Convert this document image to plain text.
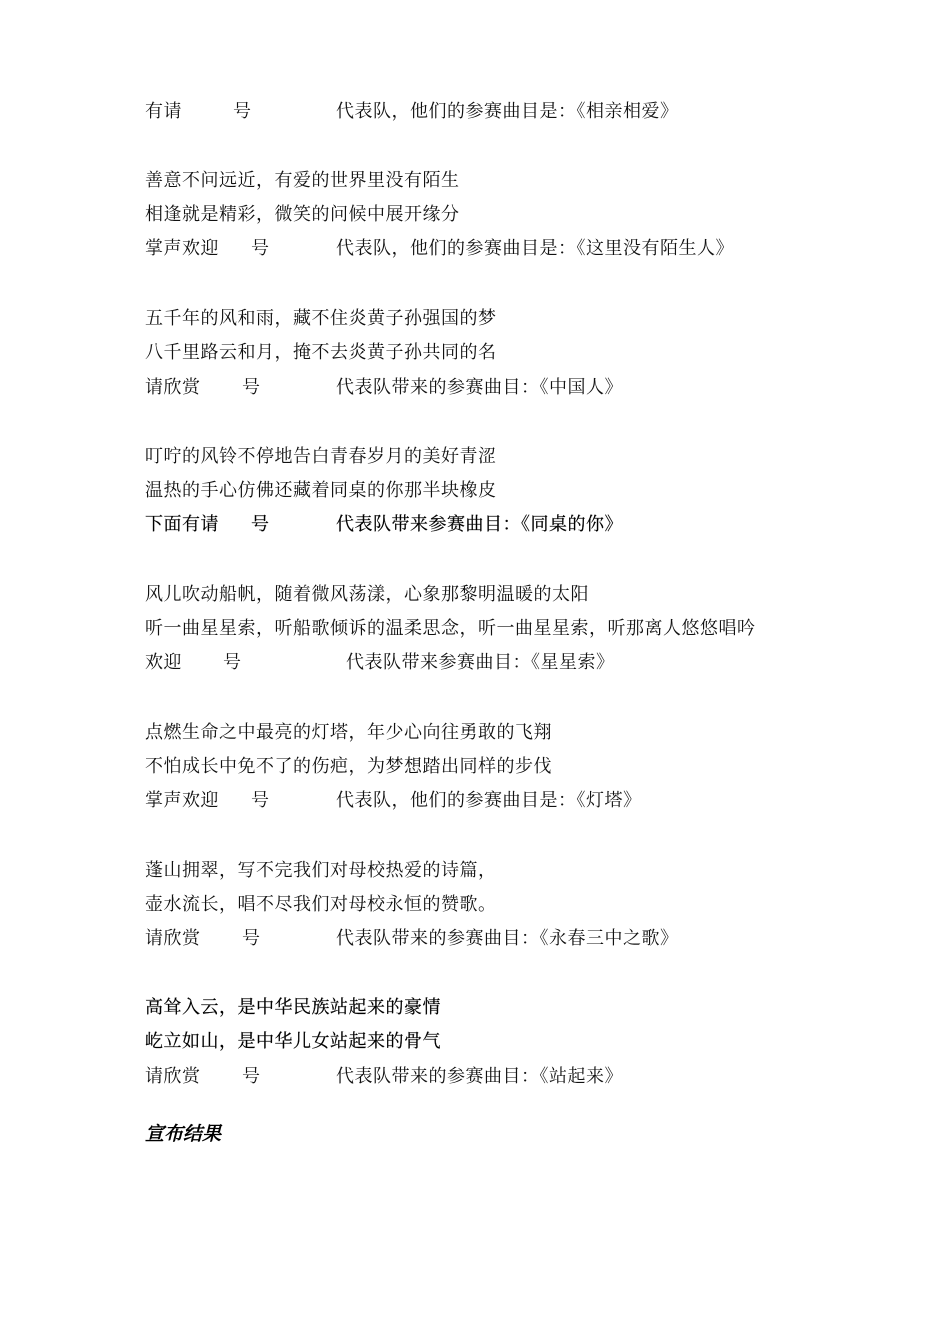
有请	号	代表队，他们的参赛曲目是：《相亲相爱》
善意不问远近，有爱的世界里没有陌生
相逢就是精彩，微笑的问候中展开缘分
掌声欢迎 号	代表队，他们的参赛曲目是：《这里没有陌生人》
五千年的风和雨，藏不住炎黄子孙强国的梦
八千里路云和月，掩不去炎黄子孙共同的名
请欣赏 号	代表队带来的参赛曲目：《中国人》
叮咛的风铃不停地告白青春岁月的美好青涩
温热的手心仿佛还藏着同桌的你那半块橡皮
下面有请 号	代表队带来参赛曲目：《同桌的你》
风儿吹动船帆，随着微风荡漾，心象那黎明温暖的太阳
听一曲星星索，听船歌倾诉的温柔思念，听一曲星星索，听那离人悠悠唱吟
欢迎 号	代表队带来参赛曲目：《星星索》
点燃生命之中最亮的灯塔，年少心向往勇敢的飞翔
不怕成长中免不了的伤疤，为梦想踏出同样的步伐
掌声欢迎 号	代表队，他们的参赛曲目是：《灯塔》
蓬山拥翠，写不完我们对母校热爱的诗篇，
壶水流长，唱不尽我们对母校永恒的赞歌。
请欣赏 号	代表队带来的参赛曲目：《永春三中之歌》
高耸入云，是中华民族站起来的豪情
屹立如山，是中华儿女站起来的骨气
请欣赏 号	代表队带来的参赛曲目：《站起来》
宣布结果
